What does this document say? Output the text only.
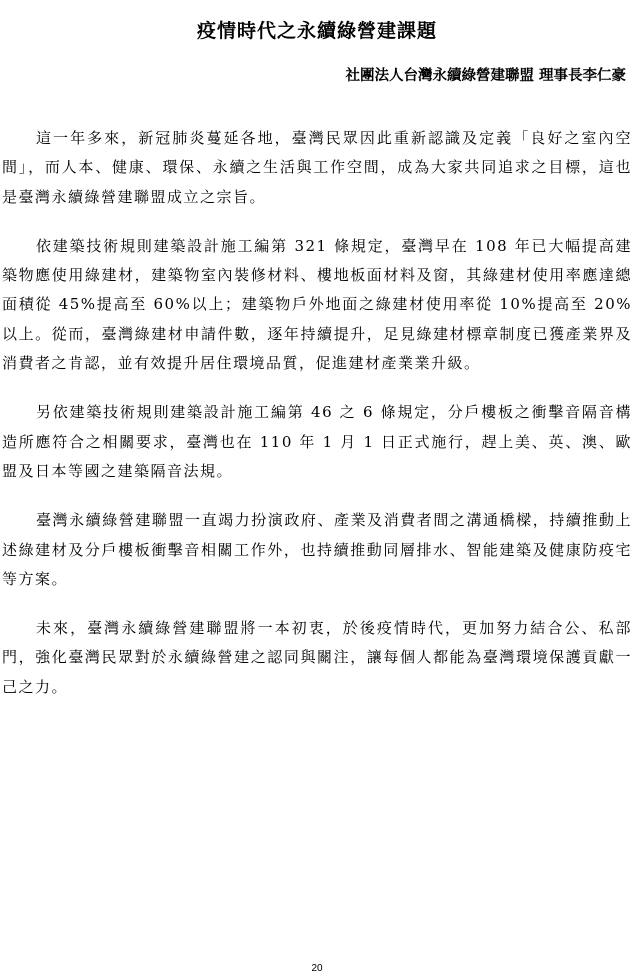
疫情時代之永續綠營建課題
社團法人台灣永續綠營建聯盟 理事長李仁豪

這一年多來，新冠肺炎蔓延各地，臺灣民眾因此重新認識及定義「良好之室內空間」，而人本、健康、環保、永續之生活與工作空間，成為大家共同追求之目標，這也是臺灣永續綠營建聯盟成立之宗旨。

依建築技術規則建築設計施工編第 321 條規定，臺灣早在 108 年已大幅提高建築物應使用綠建材，建築物室內裝修材料、樓地板面材料及窗，其綠建材使用率應達總面積從 45%提高至 60%以上；建築物戶外地面之綠建材使用率從 10%提高至 20%以上。從而，臺灣綠建材申請件數，逐年持續提升，足見綠建材標章制度已獲產業界及消費者之肯認，並有效提升居住環境品質，促進建材產業業升級。

另依建築技術規則建築設計施工編第 46 之 6 條規定，分戶樓板之衝擊音隔音構造所應符合之相關要求，臺灣也在 110 年 1 月 1 日正式施行，趕上美、英、澳、歐盟及日本等國之建築隔音法規。

臺灣永續綠營建聯盟一直竭力扮演政府、產業及消費者間之溝通橋樑，持續推動上述綠建材及分戶樓板衝擊音相關工作外，也持續推動同層排水、智能建築及健康防疫宅等方案。

未來，臺灣永續綠營建聯盟將一本初衷，於後疫情時代，更加努力結合公、私部門，強化臺灣民眾對於永續綠營建之認同與關注，讓每個人都能為臺灣環境保護貢獻一己之力。

20
